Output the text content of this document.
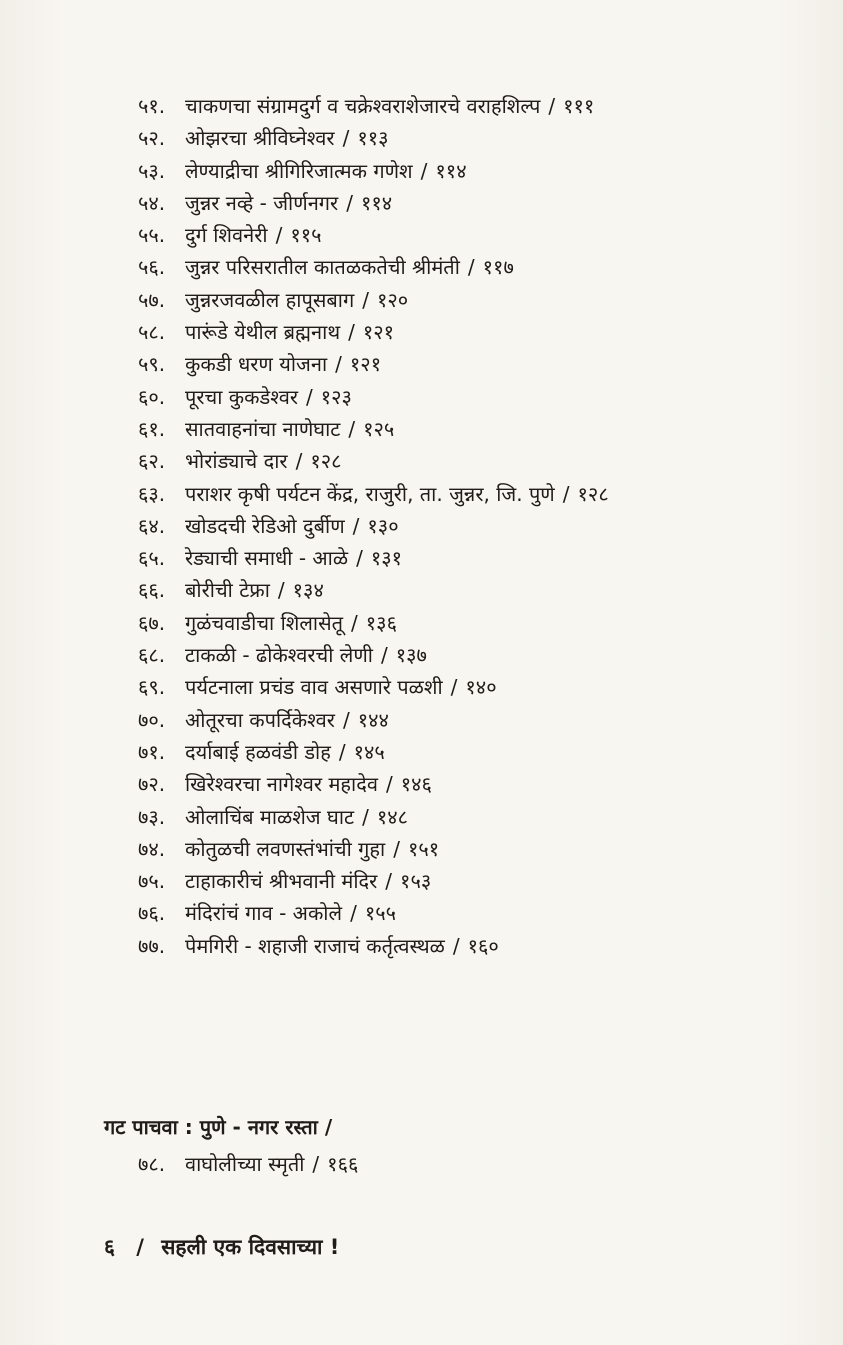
५१. चाकणचा संग्रामदुर्ग व चक्रेश्वराशेजारचे वराहशिल्प / १११
५२. ओझरचा श्रीविघ्नेश्वर / ११३
५३. लेण्याद्रीचा श्रीगिरिजात्मक गणेश / ११४
५४. जुन्नर नव्हे - जीर्णनगर / ११४
५५. दुर्ग शिवनेरी / ११५
५६. जुन्नर परिसरातील कातळकतेची श्रीमंती / ११७
५७. जुन्नरजवळील हापूसबाग / १२०
५८. पारूंडे येथील ब्रह्मनाथ / १२१
५९. कुकडी धरण योजना / १२१
६०. पूरचा कुकडेश्वर / १२३
६१. सातवाहनांचा नाणेघाट / १२५
६२. भोरांड्याचे दार / १२८
६३. पराशर कृषी पर्यटन केंद्र, राजुरी, ता. जुन्नर, जि. पुणे / १२८
६४. खोडदची रेडिओ दुर्बीण / १३०
६५. रेड्याची समाधी - आळे / १३१
६६. बोरीची टेफ्रा / १३४
६७. गुळंचवाडीचा शिलासेतू / १३६
६८. टाकळी - ढोकेश्वरची लेणी / १३७
६९. पर्यटनाला प्रचंड वाव असणारे पळशी / १४०
७०. ओतूरचा कपर्दिकेश्वर / १४४
७१. दर्याबाई हळवंडी डोह / १४५
७२. खिरेश्वरचा नागेश्वर महादेव / १४६
७३. ओलाचिंब माळशेज घाट / १४८
७४. कोतुळची लवणस्तंभांची गुहा / १५१
७५. टाहाकारीचं श्रीभवानी मंदिर / १५३
७६. मंदिरांचं गाव - अकोले / १५५
७७. पेमगिरी - शहाजी राजाचं कर्तृत्वस्थळ / १६०
गट पाचवा : पुणे - नगर रस्ता /
७८. वाघोलीच्या स्मृती / १६६
६ / सहली एक दिवसाच्या !
